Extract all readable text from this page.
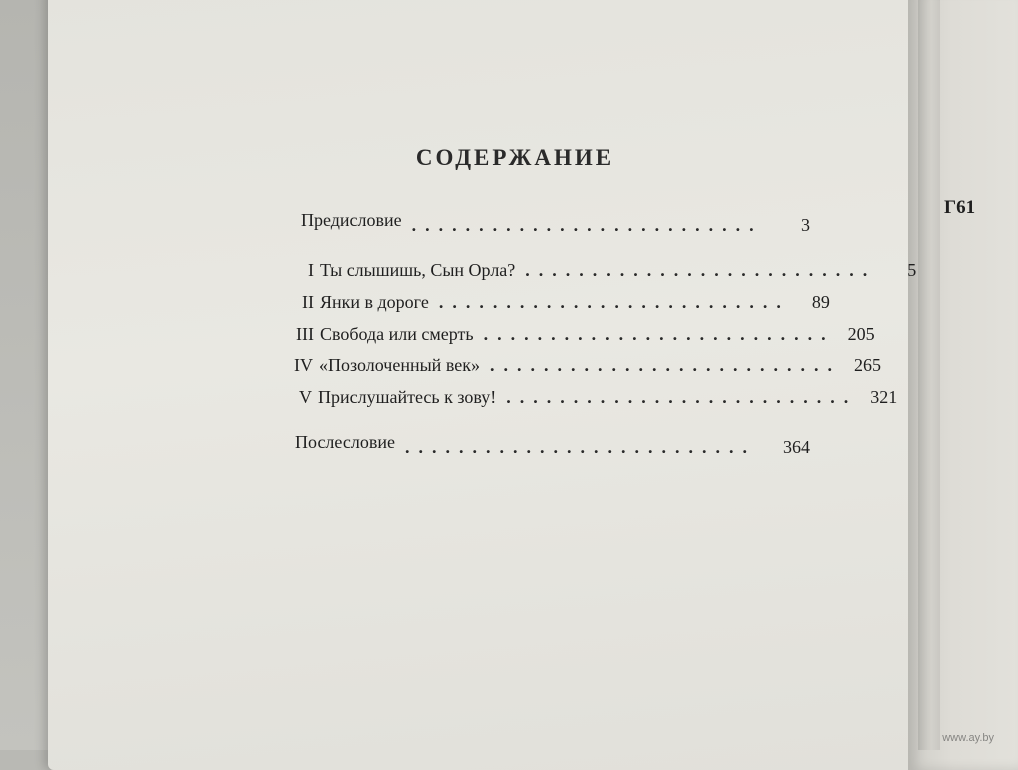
СОДЕРЖАНИЕ
Предисловие ..........................	3
I Ты слышишь, Сын Орла? ..........................	5
II Янки в дороге ..........................	89
III Свобода или смерть .......................... 205
IV «Позолоченный век» .......................... 265
V Прислушайтесь к зову! .......................... 321
Послесловие ..........................	364
Г61
www.ay.by
